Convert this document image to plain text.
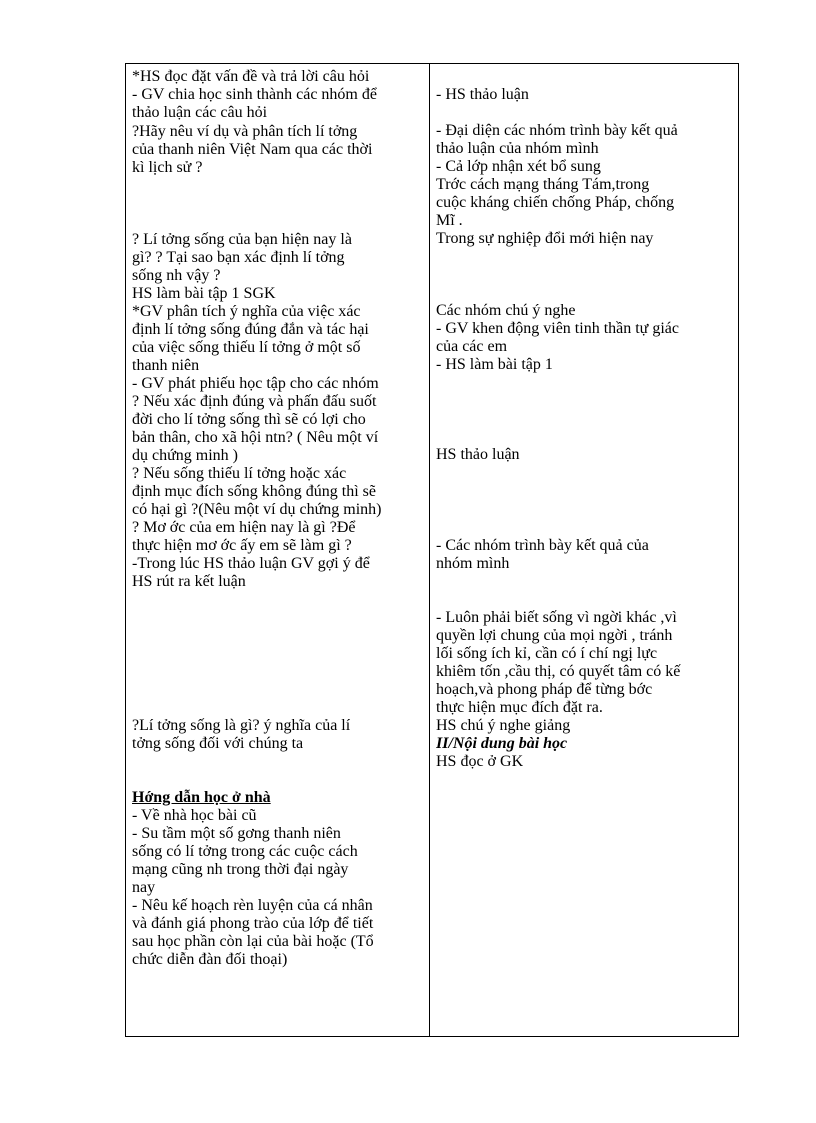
*HS đọc đặt vấn đề và trả lời câu hỏi
- GV chia học sinh thành các nhóm để
thảo luận các câu hỏi
?Hãy nêu ví dụ và phân tích lí tởng
của thanh niên Việt Nam qua các thời
kì lịch sử ?
? Lí tởng sống của bạn hiện nay là
gì? ? Tại sao bạn xác định lí tởng
sống nh vậy ?
HS làm bài tập 1 SGK
*GV phân tích ý nghĩa của việc xác
định lí tởng sống đúng đắn và tác hại
của việc sống thiếu lí tởng ở một số
thanh niên
- GV phát phiếu học tập cho các nhóm
? Nếu xác định đúng và phấn đấu suốt
đời cho lí tởng sống thì sẽ có lợi cho
bản thân, cho xã hội ntn? ( Nêu một ví
dụ chứng minh )
? Nếu sống thiếu lí tởng hoặc xác
định mục đích sống không đúng thì sẽ
có hại gì ?(Nêu một ví dụ chứng minh)
? Mơ ớc của em hiện nay là gì ?Để
thực hiện mơ ớc ấy em sẽ làm gì ?
-Trong lúc HS thảo luận GV gợi ý để
HS rút ra kết luận
?Lí tởng sống là gì? ý nghĩa của lí
tởng sống đối với chúng ta
Hớng dẫn học ở nhà
- Về nhà học bài cũ
- Su tầm một số gơng thanh niên
sống có lí tởng trong các cuộc cách
mạng cũng nh trong thời đại ngày
nay
- Nêu kế hoạch rèn luyện của cá nhân
và đánh giá phong trào của lớp để tiết
sau học phần còn lại của bài hoặc (Tổ
chức diễn đàn đối thoại)
- HS thảo luận
- Đại diện các nhóm trình bày kết quả
thảo luận của nhóm mình
- Cả lớp nhận xét bổ sung
Trớc cách mạng tháng Tám,trong
cuộc kháng chiến chống Pháp, chống
Mĩ .
Trong sự nghiệp đổi mới hiện nay
Các nhóm chú ý nghe
- GV khen động viên tinh thần tự giác
của các em
- HS làm bài tập 1
HS thảo luận
- Các nhóm trình bày kết quả của
nhóm mình
- Luôn phải biết sống vì ngời khác ,vì
quyền lợi chung của mọi ngời , tránh
lối sống ích kỉ, cần có í chí ngị lực
khiêm tốn ,cầu thị, có quyết tâm có kế
hoạch,và phong pháp để từng bớc
thực hiện mục đích đặt ra.
HS chú ý nghe giảng
II/Nội dung bài học
HS đọc ở GK
